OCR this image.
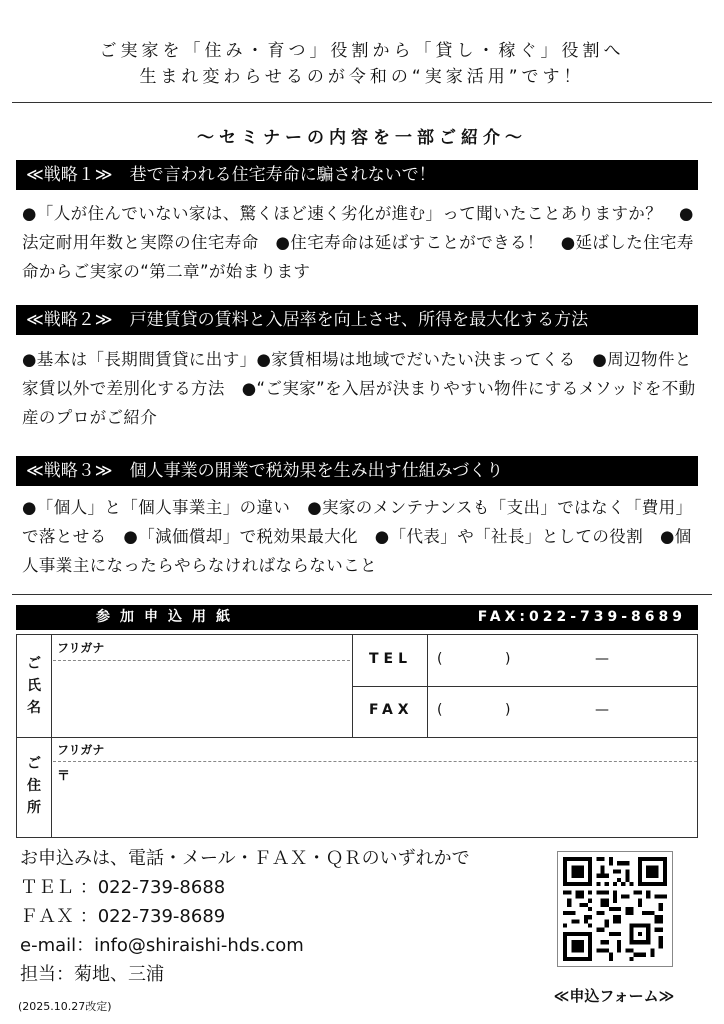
ご実家を「住み・育つ」役割から「貸し・稼ぐ」役割へ
生まれ変わらせるのが令和の“実家活用”です！
～セミナーの内容を一部ご紹介～
≪戦略１≫　巷で言われる住宅寿命に騙されないで！
●「人が住んでいない家は、驚くほど速く劣化が進む」って聞いたことありますか？　●法定耐用年数と実際の住宅寿命　●住宅寿命は延ばすことができる！　●延ばした住宅寿命からご実家の“第二章”が始まります
≪戦略２≫　戸建賃貸の賃料と入居率を向上させ、所得を最大化する方法
●基本は「長期間賃貸に出す」●家賃相場は地域でだいたい決まってくる　●周辺物件と家賃以外で差別化する方法　●“ご実家”を入居が決まりやすい物件にするメソッドを不動産のプロがご紹介
≪戦略３≫　個人事業の開業で税効果を生み出す仕組みづくり
●「個人」と「個人事業主」の違い　●実家のメンテナンスも「支出」ではなく「費用」で落とせる　●「減価償却」で税効果最大化　●「代表」や「社長」としての役割　●個人事業主になったらやらなければならないこと
参加申込用紙	FAX:022-739-8689
ご氏名
フリガナ
TEL (	)	—
FAX (	)	—
ご住所
フリガナ
〒
お申込みは、電話・メール・ＦＡＸ・ＱＲのいずれかで
ＴＥＬ ：022-739-8688
ＦＡＸ ：022-739-8689
e-mail：info@shiraishi-hds.com
担当：菊地、三浦
(2025.10.27改定)
≪申込フォーム≫
